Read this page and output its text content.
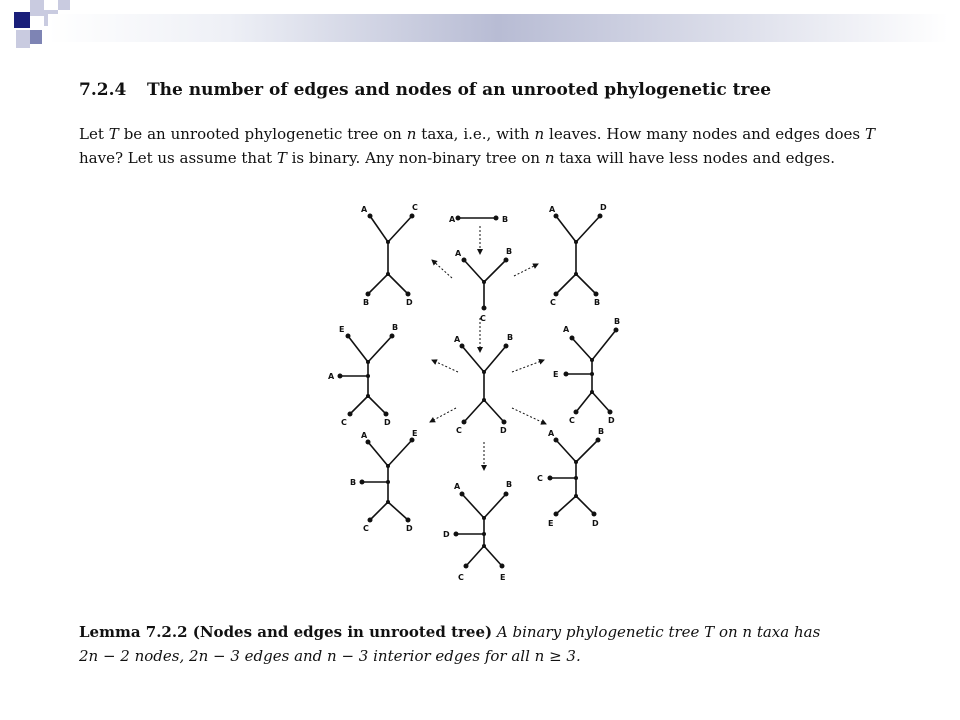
7.2.4 The number of edges and nodes of an unrooted phylogenetic tree
Let T be an unrooted phylogenetic tree on n taxa, i.e., with n leaves. How many nodes and edges does T have? Let us assume that T is binary. Any non-binary tree on n taxa will have less nodes and edges.
A	C
B	D
A	B
A	B
C
A	D
C	B
E	B
A
C	D
A	B
C	D
A
B
E
C	D
A	E
B
C	D
A	B
D
C	E
A	B
C
E	D
Lemma 7.2.2 (Nodes and edges in unrooted tree) A binary phylogenetic tree T on n taxa has
2n − 2 nodes, 2n − 3 edges and n − 3 interior edges for all n ≥ 3.
